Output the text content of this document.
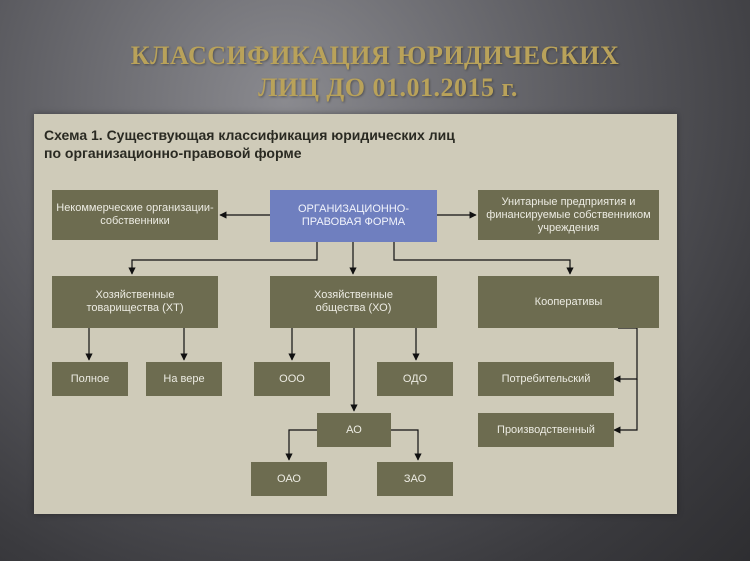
КЛАССИФИКАЦИЯ ЮРИДИЧЕСКИХ
ЛИЦ ДО 01.01.2015 г.
Схема 1. Существующая классификация юридических лиц
по организационно-правовой форме
Некоммерческие организации-собственники
ОРГАНИЗАЦИОННО-ПРАВОВАЯ ФОРМА
Унитарные предприятия и финансируемые собственником учреждения
Хозяйственные товарищества (ХТ)
Хозяйственные общества (ХО)
Кооперативы
Полное	На вере	ООО	ОДО	Потребительский
АО	Производственный
ОАО	ЗАО
